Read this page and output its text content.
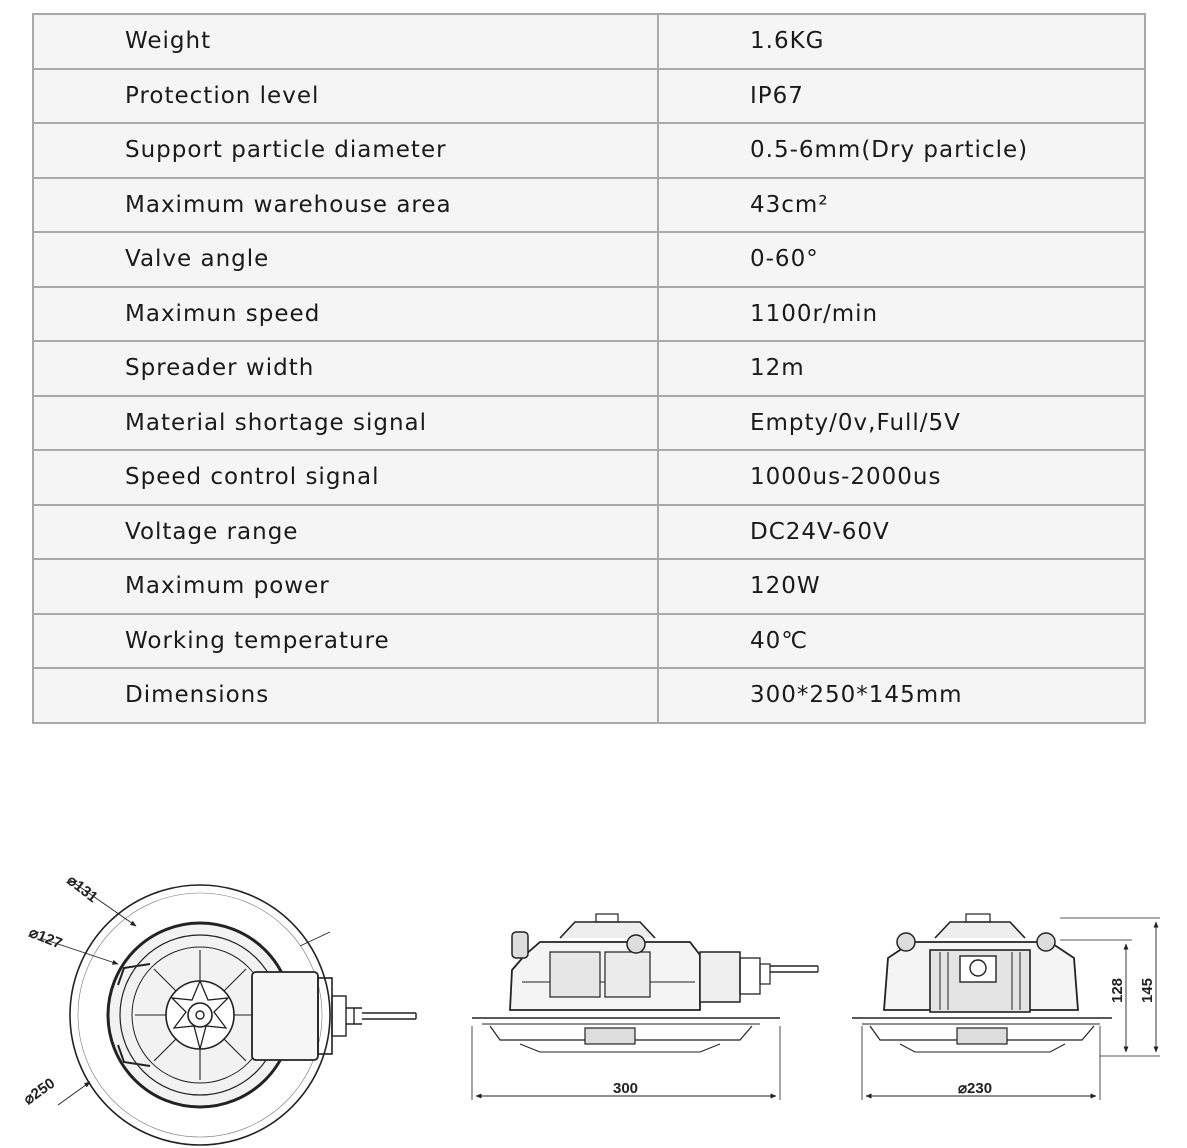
Weight	1.6KG
Protection level	IP67
Support particle diameter	0.5-6mm(Dry particle)
Maximum warehouse area	43cm²
Valve angle	0-60°
Maximun speed	1100r/min
Spreader width	12m
Material shortage signal	Empty/0v,Full/5V
Speed control signal	1000us-2000us
Voltage range	DC24V-60V
Maximum power	120W
Working temperature	40℃
Dimensions	300*250*145mm
⌀131
⌀127
⌀250	300	⌀230
128 145
